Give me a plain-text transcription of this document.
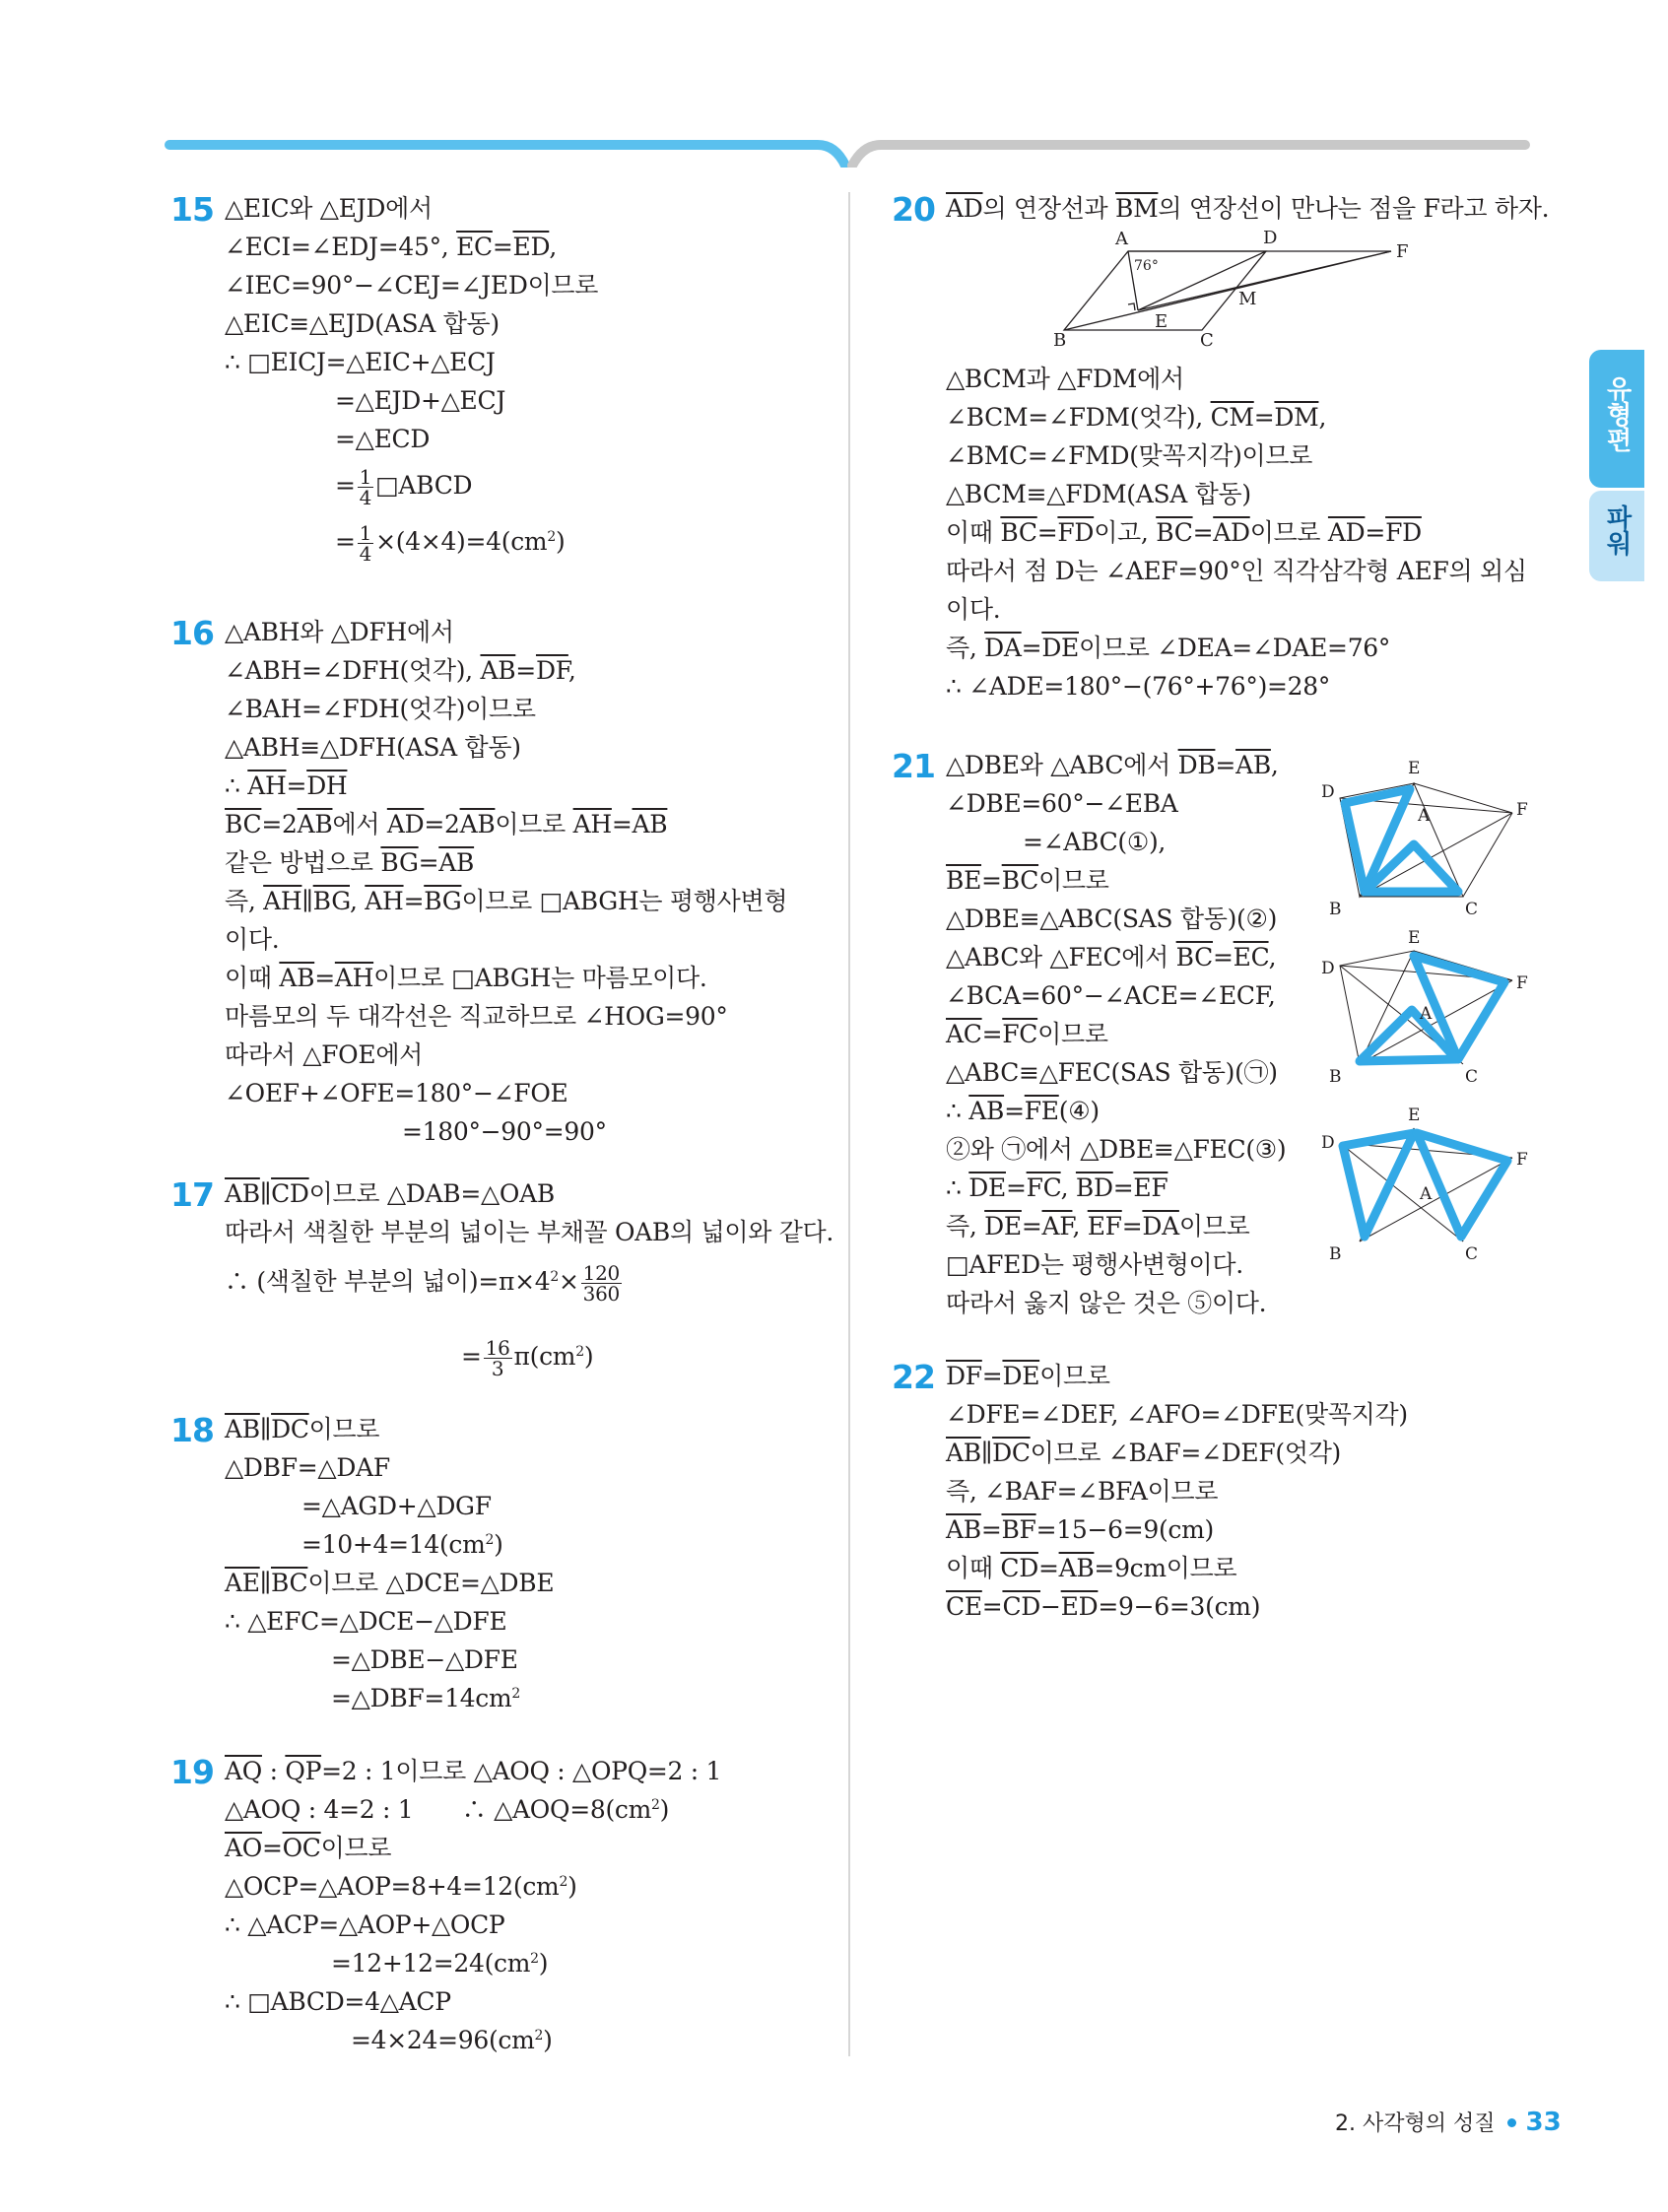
유형편
파워
15 △EIC와 △EJD에서
∠ECI=∠EDJ=45°, $\overline{EC}=\overline{ED}$,
∠IEC=90°−∠CEJ=∠JED이므로
△EIC≡△EJD(ASA 합동)
∴ □EICJ=△EIC+△ECJ
=△EJD+△ECJ
=△ECD
= $\frac{1}{4}$ □ABCD
= $\frac{1}{4} \times(4\times 4)=4(cm^2)$
16 △ABH와 △DFH에서
∠ABH=∠DFH(엇각), $\overline{AB}=\overline{DF}$,
∠BAH=∠FDH(엇각)이므로
△ABH≡△DFH(ASA 합동)
∴ $\overline{AH}=\overline{DH}$
$\overline{BC}=2\overline{AB}$에서 $\overline{AD}=2\overline{AB}$이므로 $\overline{AH}=\overline{AB}$
같은 방법으로 $\overline{BG}=\overline{AB}$
즉, $\overline{AH}\parallel\overline{BG}$, $\overline{AH}=\overline{BG}$이므로 □ABGH는 평행사변형
이다.
이때 $\overline{AB}=\overline{AH}$이므로 □ABGH는 마름모이다.
마름모의 두 대각선은 직교하므로 ∠HOG=90°
따라서 △FOE에서
∠OEF+∠OFE=180°−∠FOE
=180°−90°=90°
17 $\overline{AB}\parallel\overline{CD}$이므로 △DAB=△OAB
따라서 색칠한 부분의 넓이는 부채꼴 OAB의 넓이와 같다.
∴ (색칠한 부분의 넓이)$=\pi\times 4^2\times \frac{120}{360}$
= $\frac{16}{3} \pi(cm^2)$
18 $\overline{AB}\parallel\overline{DC}$이므로
△DBF=△DAF
=△AGD+△DGF
$=10+4=14(cm^2)$
$\overline{AE}\parallel\overline{BC}$이므로 △DCE=△DBE
∴ △EFC=△DCE−△DFE
=△DBE−△DFE
$=\triangle DBF=14cm^2$
19 $\overline{AQ}$ : $\overline{QP}=2$ : 1이므로 △AOQ : △OPQ=2 : 1
△AOQ : 4=2 : 1　　∴ $\triangle AOQ=8(cm^2)$
$\overline{AO}=\overline{OC}$이므로
$\triangle OCP=\triangle AOP=8+4=12(cm^2)$
∴ △ACP=△AOP+△OCP
$=12+12=24(cm^2)$
∴ □ABCD=4△ACP
$=4\times 24=96(cm^2)$
20 $\overline{AD}$의 연장선과 $\overline{BM}$의 연장선이 만나는 점을 F라고 하자.
△BCM과 △FDM에서
∠BCM=∠FDM(엇각), $\overline{CM}=\overline{DM}$,
∠BMC=∠FMD(맞꼭지각)이므로
△BCM≡△FDM(ASA 합동)
이때 $\overline{BC}=\overline{FD}$이고, $\overline{BC}=\overline{AD}$이므로 $\overline{AD}=\overline{FD}$
따라서 점 D는 ∠AEF=90°인 직각삼각형 AEF의 외심
이다.
즉, $\overline{DA}=\overline{DE}$이므로 ∠DEA=∠DAE=76°
∴ ∠ADE=180°−(76°+76°)=28°
21 △DBE와 △ABC에서 $\overline{DB}=\overline{AB}$,
∠DBE=60°−∠EBA
=∠ABC(①),
$\overline{BE}=\overline{BC}$이므로
△DBE≡△ABC(SAS 합동)(②)
△ABC와 △FEC에서 $\overline{BC}=\overline{EC}$,
∠BCA=60°−∠ACE=∠ECF,
$\overline{AC}=\overline{FC}$이므로
△ABC≡△FEC(SAS 합동)(㉠)
∴ $\overline{AB}=\overline{FE}(④)$
②와 ㉠에서 △DBE≡△FEC(③)
∴ $\overline{DE}=\overline{FC}$, $\overline{BD}=\overline{EF}$
즉, $\overline{DE}=\overline{AF}$, $\overline{EF}=\overline{DA}$이므로
□AFED는 평행사변형이다.
따라서 옳지 않은 것은 ⑤이다.
22 $\overline{DF}=\overline{DE}$이므로
∠DFE=∠DEF, ∠AFO=∠DFE(맞꼭지각)
$\overline{AB}\parallel\overline{DC}$이므로 ∠BAF=∠DEF(엇각)
즉, ∠BAF=∠BFA이므로
$\overline{AB}=\overline{BF}=15-6=9(cm)$
이때 $\overline{CD}=\overline{AB}=9cm$이므로
$\overline{CE}=\overline{CD}-\overline{ED}=9-6=3(cm)$
A	D
F
M
E
B	C
76°
E
D
A	F
B	C
E
D
A
F
B	C
E
D
A
F
B	C
2. 사각형의 성질 33
